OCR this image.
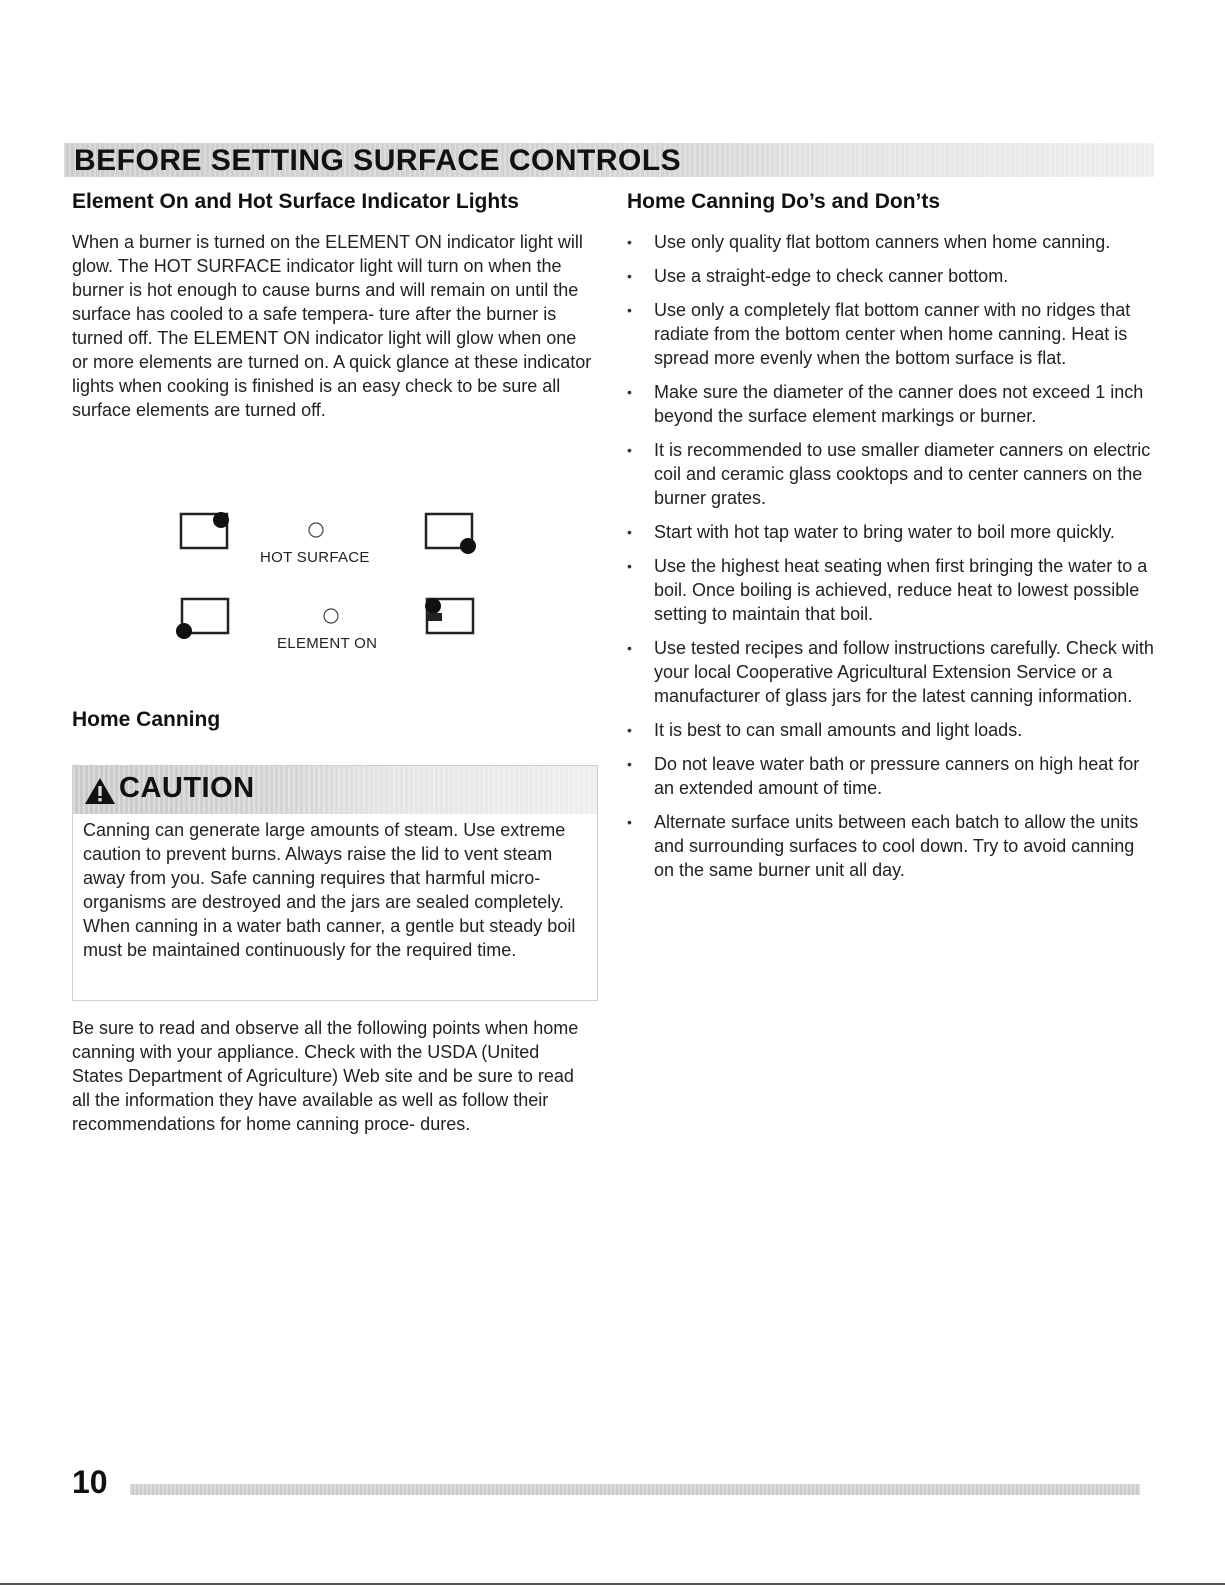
BEFORE SETTING SURFACE CONTROLS
Element On and Hot Surface Indicator Lights

When a burner is turned on the ELEMENT ON indicator light will glow. The HOT SURFACE indicator light will turn on when the burner is hot enough to cause burns and will remain on until the surface has cooled to a safe tempera- ture after the burner is turned off. The ELEMENT ON indicator light will glow when one or more elements are turned on. A quick glance at these indicator lights when cooking is finished is an easy check to be sure all surface elements are turned off.

HOT SURFACE
ELEMENT ON
Home Canning
CAUTION
Canning can generate large amounts of steam. Use extreme caution to prevent burns. Always raise the lid to vent steam away from you. Safe canning requires that harmful micro-organisms are destroyed and the jars are sealed completely. When canning in a water bath canner, a gentle but steady boil must be maintained continuously for the required time.

Be sure to read and observe all the following points when home canning with your appliance. Check with the USDA (United States Department of Agriculture) Web site and be sure to read all the information they have available as well as follow their recommendations for home canning proce- dures.

Home Canning Do’s and Don’ts
• Use only quality flat bottom canners when home canning.
• Use a straight-edge to check canner bottom.
• Use only a completely flat bottom canner with no ridges that radiate from the bottom center when home canning. Heat is spread more evenly when the bottom surface is flat.
• Make sure the diameter of the canner does not exceed 1 inch beyond the surface element markings or burner.
• It is recommended to use smaller diameter canners on electric coil and ceramic glass cooktops and to center canners on the burner grates.
• Start with hot tap water to bring water to boil more quickly.
• Use the highest heat seating when first bringing the water to a boil. Once boiling is achieved, reduce heat to lowest possible setting to maintain that boil.
• Use tested recipes and follow instructions carefully. Check with your local Cooperative Agricultural Extension Service or a manufacturer of glass jars for the latest canning information.
• It is best to can small amounts and light loads.
• Do not leave water bath or pressure canners on high heat for an extended amount of time.
• Alternate surface units between each batch to allow the units and surrounding surfaces to cool down. Try to avoid canning on the same burner unit all day.
10
